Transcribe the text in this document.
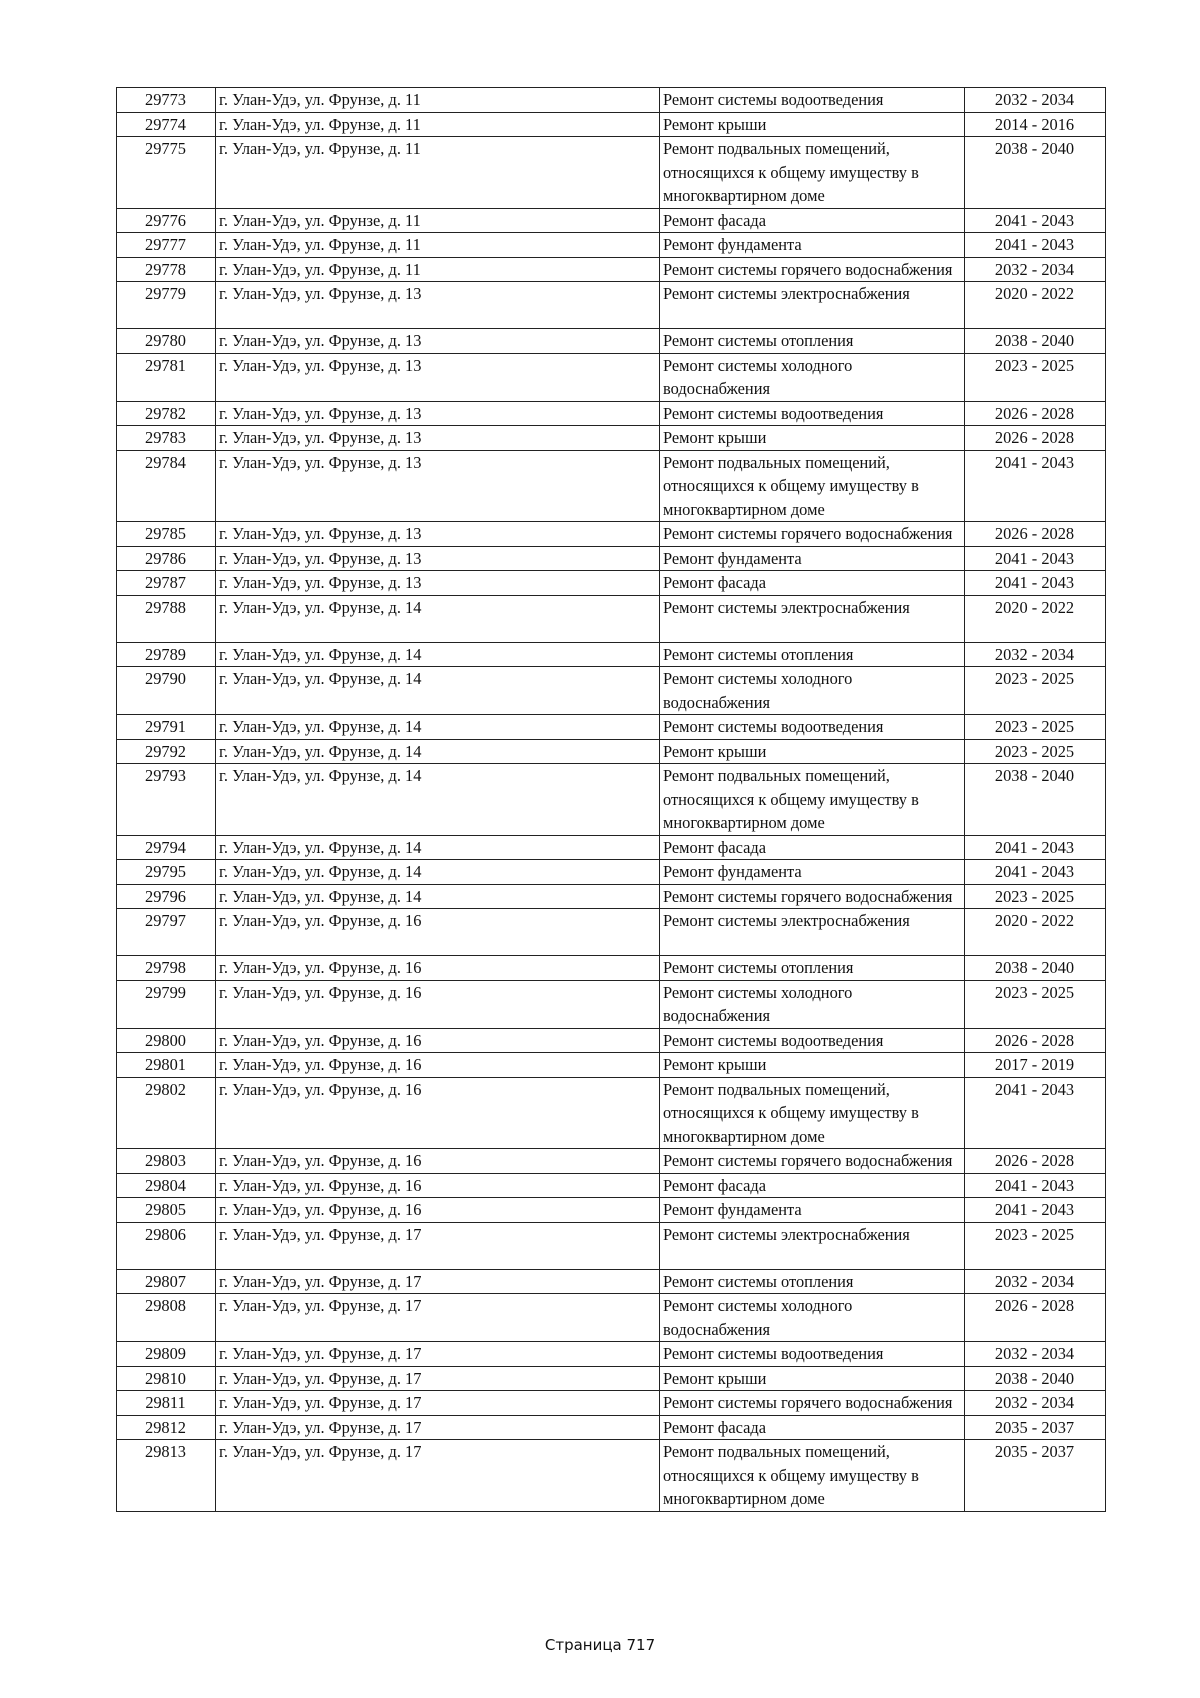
29773	г. Улан-Удэ, ул. Фрунзе, д. 11	Ремонт системы водоотведения	2032 - 2034
29774	г. Улан-Удэ, ул. Фрунзе, д. 11	Ремонт крыши	2014 - 2016
29775	г. Улан-Удэ, ул. Фрунзе, д. 11	Ремонт подвальных помещений, относящихся к общему имуществу в многоквартирном доме	2038 - 2040
29776	г. Улан-Удэ, ул. Фрунзе, д. 11	Ремонт фасада	2041 - 2043
29777	г. Улан-Удэ, ул. Фрунзе, д. 11	Ремонт фундамента	2041 - 2043
29778	г. Улан-Удэ, ул. Фрунзе, д. 11	Ремонт системы горячего водоснабжения	2032 - 2034
29779	г. Улан-Удэ, ул. Фрунзе, д. 13	Ремонт системы электроснабжения	2020 - 2022
29780	г. Улан-Удэ, ул. Фрунзе, д. 13	Ремонт системы отопления	2038 - 2040
29781	г. Улан-Удэ, ул. Фрунзе, д. 13	Ремонт системы холодного водоснабжения	2023 - 2025
29782	г. Улан-Удэ, ул. Фрунзе, д. 13	Ремонт системы водоотведения	2026 - 2028
29783	г. Улан-Удэ, ул. Фрунзе, д. 13	Ремонт крыши	2026 - 2028
29784	г. Улан-Удэ, ул. Фрунзе, д. 13	Ремонт подвальных помещений, относящихся к общему имуществу в многоквартирном доме	2041 - 2043
29785	г. Улан-Удэ, ул. Фрунзе, д. 13	Ремонт системы горячего водоснабжения	2026 - 2028
29786	г. Улан-Удэ, ул. Фрунзе, д. 13	Ремонт фундамента	2041 - 2043
29787	г. Улан-Удэ, ул. Фрунзе, д. 13	Ремонт фасада	2041 - 2043
29788	г. Улан-Удэ, ул. Фрунзе, д. 14	Ремонт системы электроснабжения	2020 - 2022
29789	г. Улан-Удэ, ул. Фрунзе, д. 14	Ремонт системы отопления	2032 - 2034
29790	г. Улан-Удэ, ул. Фрунзе, д. 14	Ремонт системы холодного водоснабжения	2023 - 2025
29791	г. Улан-Удэ, ул. Фрунзе, д. 14	Ремонт системы водоотведения	2023 - 2025
29792	г. Улан-Удэ, ул. Фрунзе, д. 14	Ремонт крыши	2023 - 2025
29793	г. Улан-Удэ, ул. Фрунзе, д. 14	Ремонт подвальных помещений, относящихся к общему имуществу в многоквартирном доме	2038 - 2040
29794	г. Улан-Удэ, ул. Фрунзе, д. 14	Ремонт фасада	2041 - 2043
29795	г. Улан-Удэ, ул. Фрунзе, д. 14	Ремонт фундамента	2041 - 2043
29796	г. Улан-Удэ, ул. Фрунзе, д. 14	Ремонт системы горячего водоснабжения	2023 - 2025
29797	г. Улан-Удэ, ул. Фрунзе, д. 16	Ремонт системы электроснабжения	2020 - 2022
29798	г. Улан-Удэ, ул. Фрунзе, д. 16	Ремонт системы отопления	2038 - 2040
29799	г. Улан-Удэ, ул. Фрунзе, д. 16	Ремонт системы холодного водоснабжения	2023 - 2025
29800	г. Улан-Удэ, ул. Фрунзе, д. 16	Ремонт системы водоотведения	2026 - 2028
29801	г. Улан-Удэ, ул. Фрунзе, д. 16	Ремонт крыши	2017 - 2019
29802	г. Улан-Удэ, ул. Фрунзе, д. 16	Ремонт подвальных помещений, относящихся к общему имуществу в многоквартирном доме	2041 - 2043
29803	г. Улан-Удэ, ул. Фрунзе, д. 16	Ремонт системы горячего водоснабжения	2026 - 2028
29804	г. Улан-Удэ, ул. Фрунзе, д. 16	Ремонт фасада	2041 - 2043
29805	г. Улан-Удэ, ул. Фрунзе, д. 16	Ремонт фундамента	2041 - 2043
29806	г. Улан-Удэ, ул. Фрунзе, д. 17	Ремонт системы электроснабжения	2023 - 2025
29807	г. Улан-Удэ, ул. Фрунзе, д. 17	Ремонт системы отопления	2032 - 2034
29808	г. Улан-Удэ, ул. Фрунзе, д. 17	Ремонт системы холодного водоснабжения	2026 - 2028
29809	г. Улан-Удэ, ул. Фрунзе, д. 17	Ремонт системы водоотведения	2032 - 2034
29810	г. Улан-Удэ, ул. Фрунзе, д. 17	Ремонт крыши	2038 - 2040
29811	г. Улан-Удэ, ул. Фрунзе, д. 17	Ремонт системы горячего водоснабжения	2032 - 2034
29812	г. Улан-Удэ, ул. Фрунзе, д. 17	Ремонт фасада	2035 - 2037
29813	г. Улан-Удэ, ул. Фрунзе, д. 17	Ремонт подвальных помещений, относящихся к общему имуществу в многоквартирном доме	2035 - 2037
Страница 717
